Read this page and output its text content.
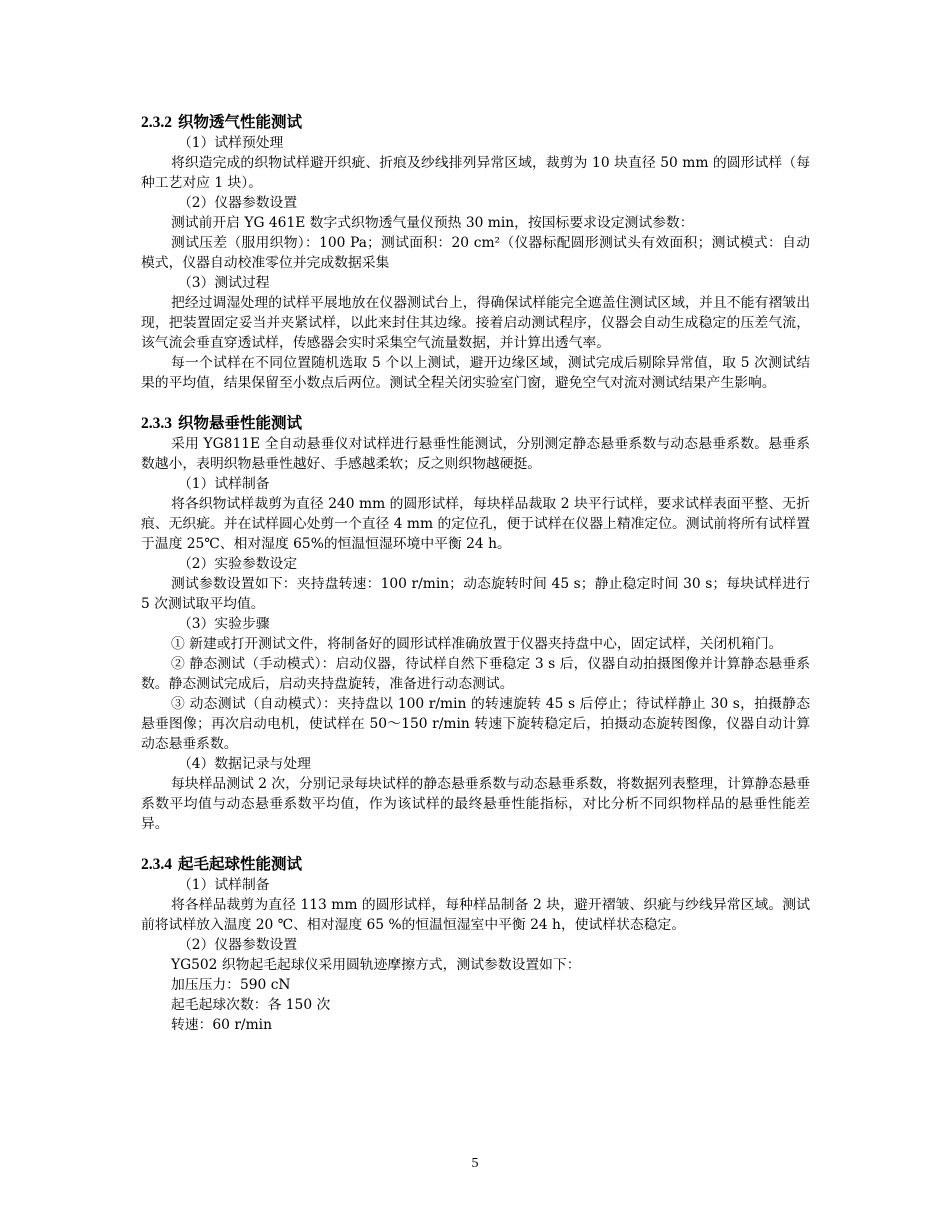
2.3.2 织物透气性能测试

（1）试样预处理

将织造完成的织物试样避开织疵、折痕及纱线排列异常区域，裁剪为 10 块直径 50 mm 的圆形试样（每种工艺对应 1 块）。

（2）仪器参数设置

测试前开启 YG 461E 数字式织物透气量仪预热 30 min，按国标要求设定测试参数：

测试压差（服用织物）：100 Pa；测试面积：20 cm²（仪器标配圆形测试头有效面积；测试模式：自动模式，仪器自动校准零位并完成数据采集

（3）测试过程

把经过调湿处理的试样平展地放在仪器测试台上，得确保试样能完全遮盖住测试区域，并且不能有褶皱出现，把装置固定妥当并夹紧试样，以此来封住其边缘。接着启动测试程序，仪器会自动生成稳定的压差气流，该气流会垂直穿透试样，传感器会实时采集空气流量数据，并计算出透气率。

每一个试样在不同位置随机选取 5 个以上测试，避开边缘区域，测试完成后剔除异常值，取 5 次测试结果的平均值，结果保留至小数点后两位。测试全程关闭实验室门窗，避免空气对流对测试结果产生影响。

2.3.3 织物悬垂性能测试

采用 YG811E 全自动悬垂仪对试样进行悬垂性能测试，分别测定静态悬垂系数与动态悬垂系数。悬垂系数越小，表明织物悬垂性越好、手感越柔软；反之则织物越硬挺。

（1）试样制备

将各织物试样裁剪为直径 240 mm 的圆形试样，每块样品裁取 2 块平行试样，要求试样表面平整、无折痕、无织疵。并在试样圆心处剪一个直径 4 mm 的定位孔，便于试样在仪器上精准定位。测试前将所有试样置于温度 25℃、相对湿度 65%的恒温恒湿环境中平衡 24 h。

（2）实验参数设定

测试参数设置如下：夹持盘转速：100 r/min；动态旋转时间 45 s；静止稳定时间 30 s；每块试样进行 5 次测试取平均值。

（3）实验步骤

① 新建或打开测试文件，将制备好的圆形试样准确放置于仪器夹持盘中心，固定试样，关闭机箱门。

② 静态测试（手动模式）：启动仪器，待试样自然下垂稳定 3 s 后，仪器自动拍摄图像并计算静态悬垂系数。静态测试完成后，启动夹持盘旋转，准备进行动态测试。

③ 动态测试（自动模式）：夹持盘以 100 r/min 的转速旋转 45 s 后停止；待试样静止 30 s，拍摄静态悬垂图像；再次启动电机，使试样在 50～150 r/min 转速下旋转稳定后，拍摄动态旋转图像，仪器自动计算动态悬垂系数。

（4）数据记录与处理

每块样品测试 2 次，分别记录每块试样的静态悬垂系数与动态悬垂系数，将数据列表整理，计算静态悬垂系数平均值与动态悬垂系数平均值，作为该试样的最终悬垂性能指标，对比分析不同织物样品的悬垂性能差异。

2.3.4 起毛起球性能测试

（1）试样制备

将各样品裁剪为直径 113 mm 的圆形试样，每种样品制备 2 块，避开褶皱、织疵与纱线异常区域。测试前将试样放入温度 20 ℃、相对湿度 65 %的恒温恒湿室中平衡 24 h，使试样状态稳定。

（2）仪器参数设置

YG502 织物起毛起球仪采用圆轨迹摩擦方式，测试参数设置如下：

加压压力：590 cN

起毛起球次数：各 150 次

转速：60 r/min

5
